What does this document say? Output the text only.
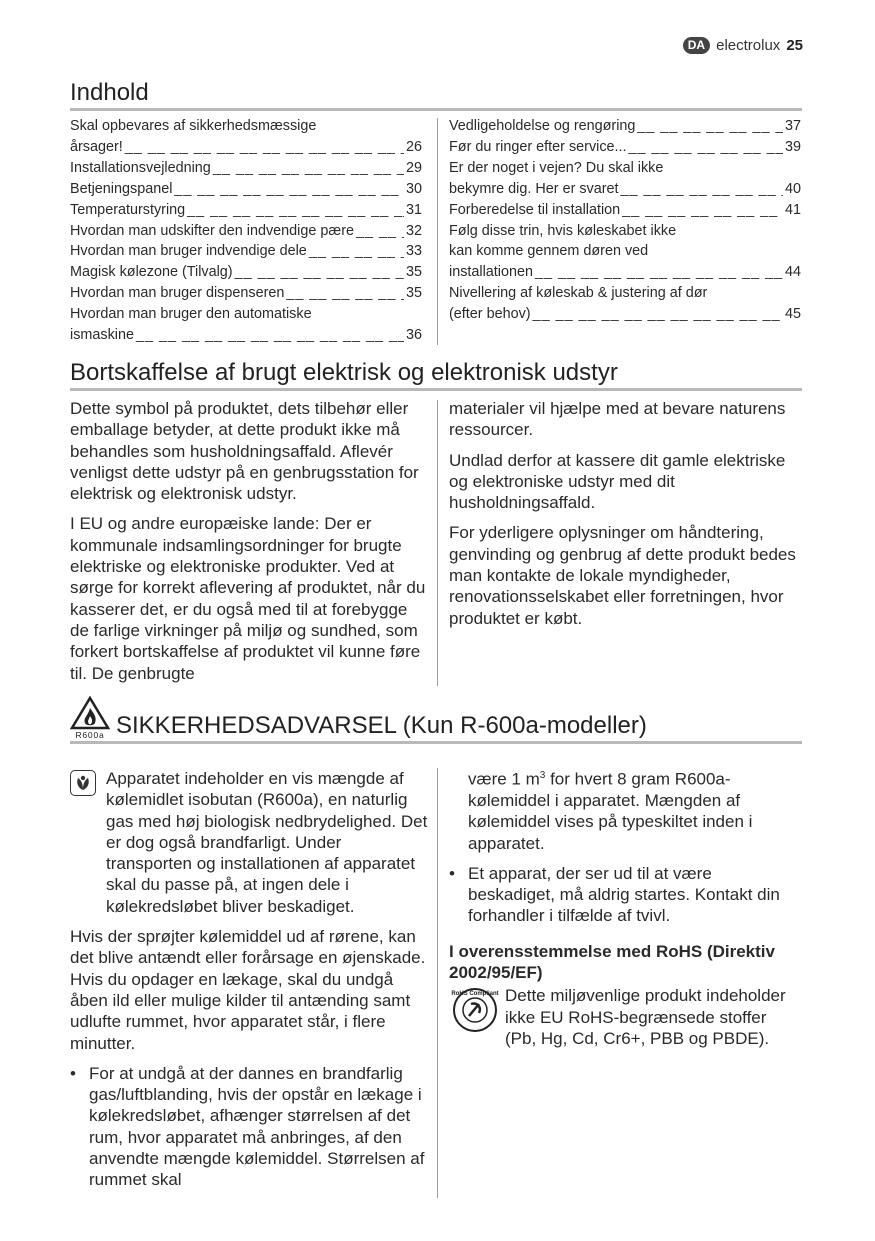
DA electrolux 25
Indhold
Skal opbevares af sikkerhedsmæssige
årsager! __ __	26
Installationsvejledning __ __	29
Betjeningspanel __ __	30
Temperaturstyring __ __	31
Hvordan man udskifter den indvendige pære __ __	32
Hvordan man bruger indvendige dele __ __	33
Magisk kølezone (Tilvalg) __ __	35
Hvordan man bruger dispenseren __ __	35
Hvordan man bruger den automatiske
ismaskine __ __	36
Vedligeholdelse og rengøring __ __	37
Før du ringer efter service... __ __	39
Er der noget i vejen? Du skal ikke
bekymre dig. Her er svaret __ __	40
Forberedelse til installation __ __	41
Følg disse trin, hvis køleskabet ikke
kan komme gennem døren ved
installationen __ __	44
Nivellering af køleskab & justering af dør
(efter behov) __ __	45
Bortskaffelse af brugt elektrisk og elektronisk udstyr

Dette symbol på produktet, dets tilbehør eller emballage betyder, at dette produkt ikke må behandles som husholdningsaffald. Aflevér venligst dette udstyr på en genbrugsstation for elektrisk og elektronisk udstyr.

I EU og andre europæiske lande: Der er kommunale indsamlingsordninger for brugte elektriske og elektroniske produkter. Ved at sørge for korrekt aflevering af produktet, når du kasserer det, er du også med til at forebygge de farlige virkninger på miljø og sundhed, som forkert bortskaffelse af produktet vil kunne føre til. De genbrugte

materialer vil hjælpe med at bevare naturens ressourcer.

Undlad derfor at kassere dit gamle elektriske og elektroniske udstyr med dit husholdningsaffald.

For yderligere oplysninger om håndtering, genvinding og genbrug af dette produkt bedes man kontakte de lokale myndigheder, renovationsselskabet eller forretningen, hvor produktet er købt.

R600a SIKKERHEDSADVARSEL (Kun R-600a-modeller)
Apparatet indeholder en vis mængde af kølemidlet isobutan (R600a), en naturlig gas med høj biologisk nedbrydelighed. Det er dog også brandfarligt. Under transporten og installationen af apparatet skal du passe på, at ingen dele i kølekredsløbet bliver beskadiget.

Hvis der sprøjter kølemiddel ud af rørene, kan det blive antændt eller forårsage en øjenskade. Hvis du opdager en lækage, skal du undgå åben ild eller mulige kilder til antænding samt udlufte rummet, hvor apparatet står, i flere minutter.

• For at undgå at der dannes en brandfarlig gas/luftblanding, hvis der opstår en lækage i kølekredsløbet, afhænger størrelsen af det rum, hvor apparatet må anbringes, af den anvendte mængde kølemiddel. Størrelsen af rummet skal

være 1 $m^3$ for hvert 8 gram R600a-kølemiddel i apparatet. Mængden af kølemiddel vises på typeskiltet inden i apparatet.

• Et apparat, der ser ud til at være beskadiget, må aldrig startes. Kontakt din forhandler i tilfælde af tvivl.
I overensstemmelse med RoHS (Direktiv 2002/95/EF)
RoHS Compliant Dette miljøvenlige produkt indeholder ikke EU RoHS-begrænsede stoffer (Pb, Hg, Cd, Cr6+, PBB og PBDE).
